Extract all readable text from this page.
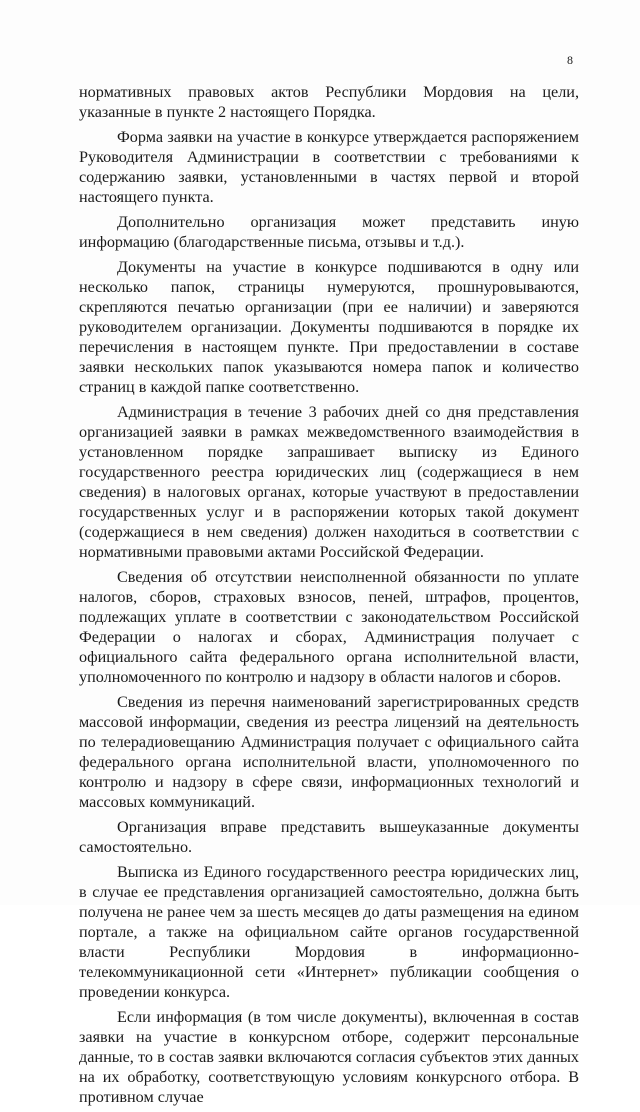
8

нормативных правовых актов Республики Мордовия на цели, указанные в пункте 2 настоящего Порядка.

Форма заявки на участие в конкурсе утверждается распоряжением Руководителя Администрации в соответствии с требованиями к содержанию заявки, установленными в частях первой и второй настоящего пункта.

Дополнительно организация может представить иную информацию (благодарственные письма, отзывы и т.д.).

Документы на участие в конкурсе подшиваются в одну или несколько папок, страницы нумеруются, прошнуровываются, скрепляются печатью организации (при ее наличии) и заверяются руководителем организации. Документы подшиваются в порядке их перечисления в настоящем пункте. При предоставлении в составе заявки нескольких папок указываются номера папок и количество страниц в каждой папке соответственно.

Администрация в течение 3 рабочих дней со дня представления организацией заявки в рамках межведомственного взаимодействия в установленном порядке запрашивает выписку из Единого государственного реестра юридических лиц (содержащиеся в нем сведения) в налоговых органах, которые участвуют в предоставлении государственных услуг и в распоряжении которых такой документ (содержащиеся в нем сведения) должен находиться в соответствии с нормативными правовыми актами Российской Федерации.

Сведения об отсутствии неисполненной обязанности по уплате налогов, сборов, страховых взносов, пеней, штрафов, процентов, подлежащих уплате в соответствии с законодательством Российской Федерации о налогах и сборах, Администрация получает с официального сайта федерального органа исполнительной власти, уполномоченного по контролю и надзору в области налогов и сборов.

Сведения из перечня наименований зарегистрированных средств массовой информации, сведения из реестра лицензий на деятельность по телерадиовещанию Администрация получает с официального сайта федерального органа исполнительной власти, уполномоченного по контролю и надзору в сфере связи, информационных технологий и массовых коммуникаций.

Организация вправе представить вышеуказанные документы самостоятельно.

Выписка из Единого государственного реестра юридических лиц, в случае ее представления организацией самостоятельно, должна быть получена не ранее чем за шесть месяцев до даты размещения на едином портале, а также на официальном сайте органов государственной власти Республики Мордовия в информационно-телекоммуникационной сети «Интернет» публикации сообщения о проведении конкурса.

Если информация (в том числе документы), включенная в состав заявки на участие в конкурсном отборе, содержит персональные данные, то в состав заявки включаются согласия субъектов этих данных на их обработку, соответствующую условиям конкурсного отбора. В противном случае
